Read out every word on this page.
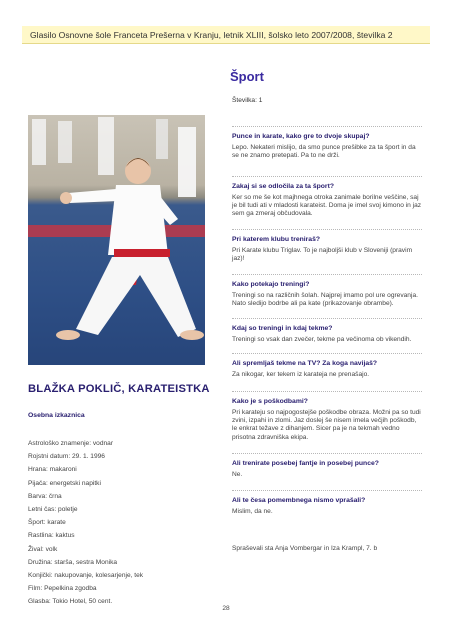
Glasilo Osnovne šole Franceta Prešerna v Kranju, letnik XLIII, šolsko leto 2007/2008, številka 2
Šport
Številka: 1
Punce in karate, kako gre to dvoje skupaj?
Lepo. Nekateri mislijo, da smo punce prešibke za ta šport in da se ne znamo pretepati. Pa to ne drži.
Zakaj si se odločila za ta šport?
Ker so me še kot majhnega otroka zanimale borilne veščine, saj je bil tudi ati v mladosti karateist. Doma je imel svoj kimono in jaz sem ga zmeraj občudovala.
Pri katerem klubu treniraš?
Pri Karate klubu Triglav. To je najboljši klub v Sloveniji (pravim jaz)!
Kako potekajo treningi?
Treningi so na različnih šolah. Najprej imamo pol ure ogrevanja. Nato sledijo bodrbe ali pa kate (prikazovanje obrambe).
Kdaj so treningi in kdaj tekme?
Treningi so vsak dan zvečer, tekme pa večinoma ob vikendih.
Ali spremljaš tekme na TV? Za koga navijaš?
Za nikogar, ker tekem iz karateja ne prenašajo.
Kako je s poškodbami?
Pri karateju so najpogostejše poškodbe obraza. Možni pa so tudi zvini, izpahi in zlomi. Jaz doslej še nisem imela večjih poškodb, le enkrat težave z dihanjem. Sicer pa je na tekmah vedno prisotna zdravniška ekipa.
Ali trenirate posebej fantje in posebej punce?
Ne.
Ali te česa pomembnega nismo vprašali?
Mislim, da ne.
BLAŽKA POKLIČ, KARATEISTKA
Osebna izkaznica
Astrološko znamenje: vodnar
Rojstni datum: 29. 1. 1996
Hrana: makaroni
Pijača: energetski napitki
Barva: črna
Letni čas: poletje
Šport: karate
Rastlina: kaktus
Žival: volk
Družina: starša, sestra Monika
Konjički: nakupovanje, kolesarjenje, tek
Film: Pepelkina zgodba
Glasba: Tokio Hotel, 50 cent.
Spraševali sta Anja Vombergar in Iza Krampl, 7. b
28
